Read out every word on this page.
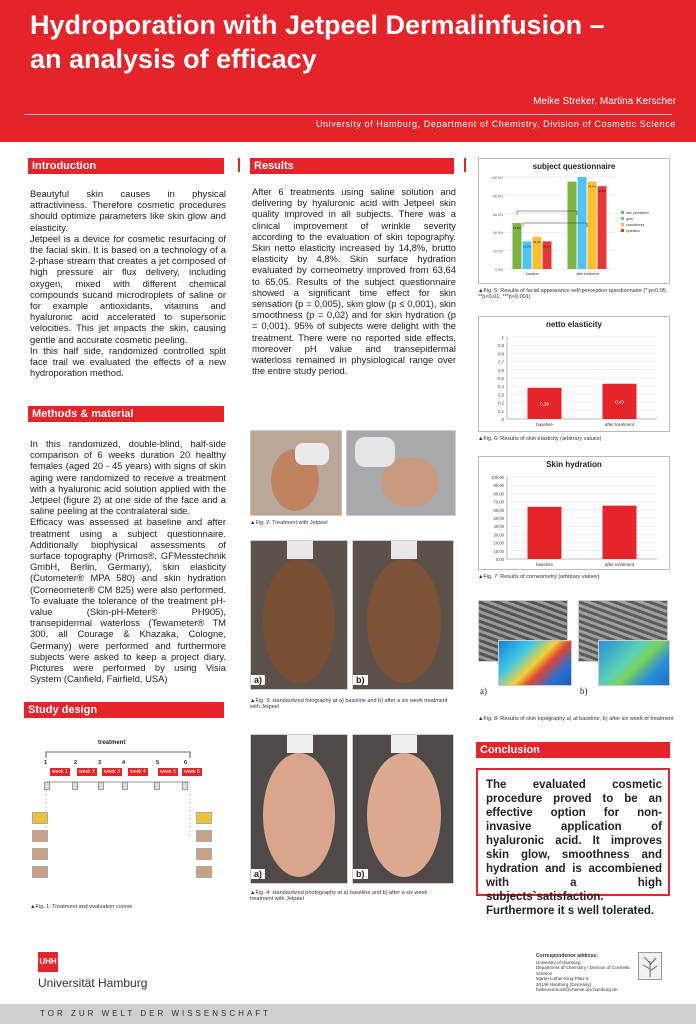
Hydroporation with Jetpeel Dermalinfusion –
an analysis of efficacy
Meike Streker, Martina Kerscher
University of Hamburg, Department of Chemistry, Division of Cosmetic Science
Introduction

Beautyful skin causes in physical attractiviness. Therefore cosmetic procedures should optimize parameters like skin glow and elasticity.

Jetpeel is a device for cosmetic resurfacing of the facial skin. It is based on a technology of a 2-phase stream that creates a jet composed of high pressure air flux delivery, including oxygen, mixed with different chemical compounds sucand microdroplets of saline or for example antioxidants, vitamins and hyaluronic acid accelerated to supersonic velocities. This jet impacts the skin, causing gentle and accurate cosmetic peeling.

In this half side, randomized controlled split face trail we evaluated the effects of a new hydroporation method.

Methods & material

In this randomized, double-blind, half-side comparison of 6 weeks duration 20 healthy females (aged 20 - 45 years) with signs of skin aging were randomized to receive a treatment with a hyaluronic acid solution applied with the Jetpeel (figure 2) at one side of the face and a saline peeling at the contralateral side.

Efficacy was assessed at baseline and after treatment using a subject questionnaire. Additionally biophysical assessments of surface topography (Primos®, GFMesstechnik GmbH, Berlin, Germany), skin elasticity (Cutometer® MPA 580) and skin hydration (Corneometer® CM 825) were also performed. To evaluate the tolerance of the treatment pH-value (Skin-pH-Meter® PH905), transepidermal waterloss (Tewameter® TM 300, all Courage & Khazaka, Cologne, Germany) were performed and furthermore subjects were asked to keep a project diary. Pictures were performed by using Visia System (Canfield, Fairfield, USA)

Study design
treatment
1	2	3	4	5	6
week 1	week 2	week 3	week 4	week 5	week 6
▲Fig. 1: Treatment and evaluation course
Results
After 6 treatments using saline solution and delivering by hyaluronic acid with Jetpeel skin quality improved in all subjects. There was a clinical improvement of wrinkle severity according to the evaluation of skin topography. Skin netto elasticity increased by 14,8%, brutto elasticity by 4,8%. Skin surface hydration evaluated by corneometry improved from 63,64 to 65,05. Results of the subject questionnaire showed a significant time effect for skin sensation (p = 0,005), skin glow (p ≤ 0,001), skin smoothness (p = 0,02) and for skin hydration (p = 0,001). 95% of subjects were delight with the treatment. There were no reported side effects, moreover pH value and transepidermal waterloss remained in physiological range over the entire study period.
▲Fig. 2: Treatment with Jetpeel
a)	b)
▲Fig. 3: standardized fotography at a) baseline and b) after a six week treatment with Jetpeel
a)	b)
▲Fig. 4: standardized photography at a) baseline and b) after a six week treatment with Jetpeel
subject questionnaire
100,0%
80,0%
60,0%
40,0%
20,0%
0,0%
51,6%
31,6%
35,0%
30,5%
baseline
75,7%
90,0%
after treatment
skin perception
glow
smoothness
hydration
▲Fig. 5: Results of facial appearance self-perception questionnaire (*:p<0.05, **p<0.01, ***p<0.001)
netto elasticity
1
0,9
0,8
0,7
0,6
0,5
0,4
0,3
0,2
0,1
0
0,38
baseline
0,43
after treatment
▲Fig. 6: Results of skin elasticity (arbitrary values)
Skin hydration
100,00
90,00
80,00
70,00
60,00
50,00
40,00
30,00
20,00
10,00
0,00
baseline	after treatment
▲Fig. 7: Results of corneometry (arbitrary values)
a)	b)
▲Fig. 8: Results of skin topography a) at baseline, b) after six week of treatment
Conclusion
The evaluated cosmetic procedure proved to be an effective option for non-invasive application of hyaluronic acid. It improves skin glow, smoothness and hydration and is accombiened with a high subjects`satisfaction. Furthermore it s well tolerated.
UHH
Universität Hamburg
Correspondence address:
University of Hamburg
Department of Chemistry / Division of Cosmetic Science
Martin-Luther-King-Platz 6
20146 Hamburg (Germany)
heike.buntrock@chemie.uni-hamburg.de
TOR ZUR WELT DER WISSENSCHAFT
